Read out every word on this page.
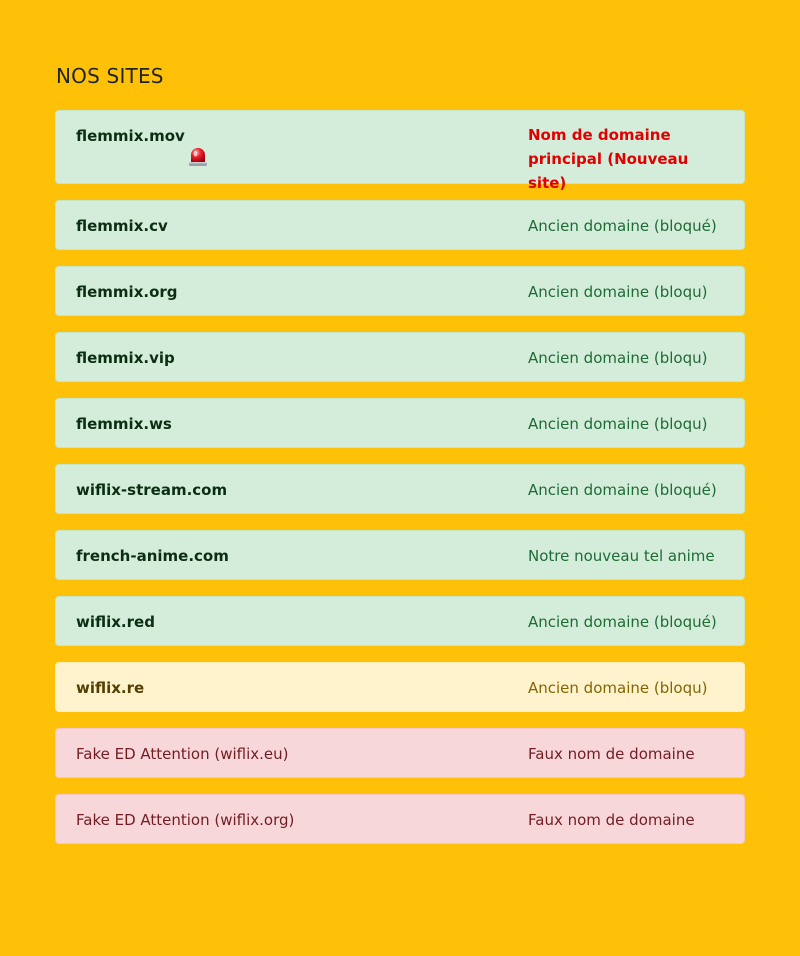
NOS SITES
flemmix.mov	Nom de domaine principal (Nouveau site)
flemmix.cv	Ancien domaine (bloqué)
flemmix.org	Ancien domaine (bloqu)
flemmix.vip	Ancien domaine (bloqu)
flemmix.ws	Ancien domaine (bloqu)
wiflix-stream.com	Ancien domaine (bloqué)
french-anime.com	Notre nouveau tel anime
wiflix.red	Ancien domaine (bloqué)
wiflix.re	Ancien domaine (bloqu)
Fake ED Attention (wiflix.eu)	Faux nom de domaine
Fake ED Attention (wiflix.org)	Faux nom de domaine
